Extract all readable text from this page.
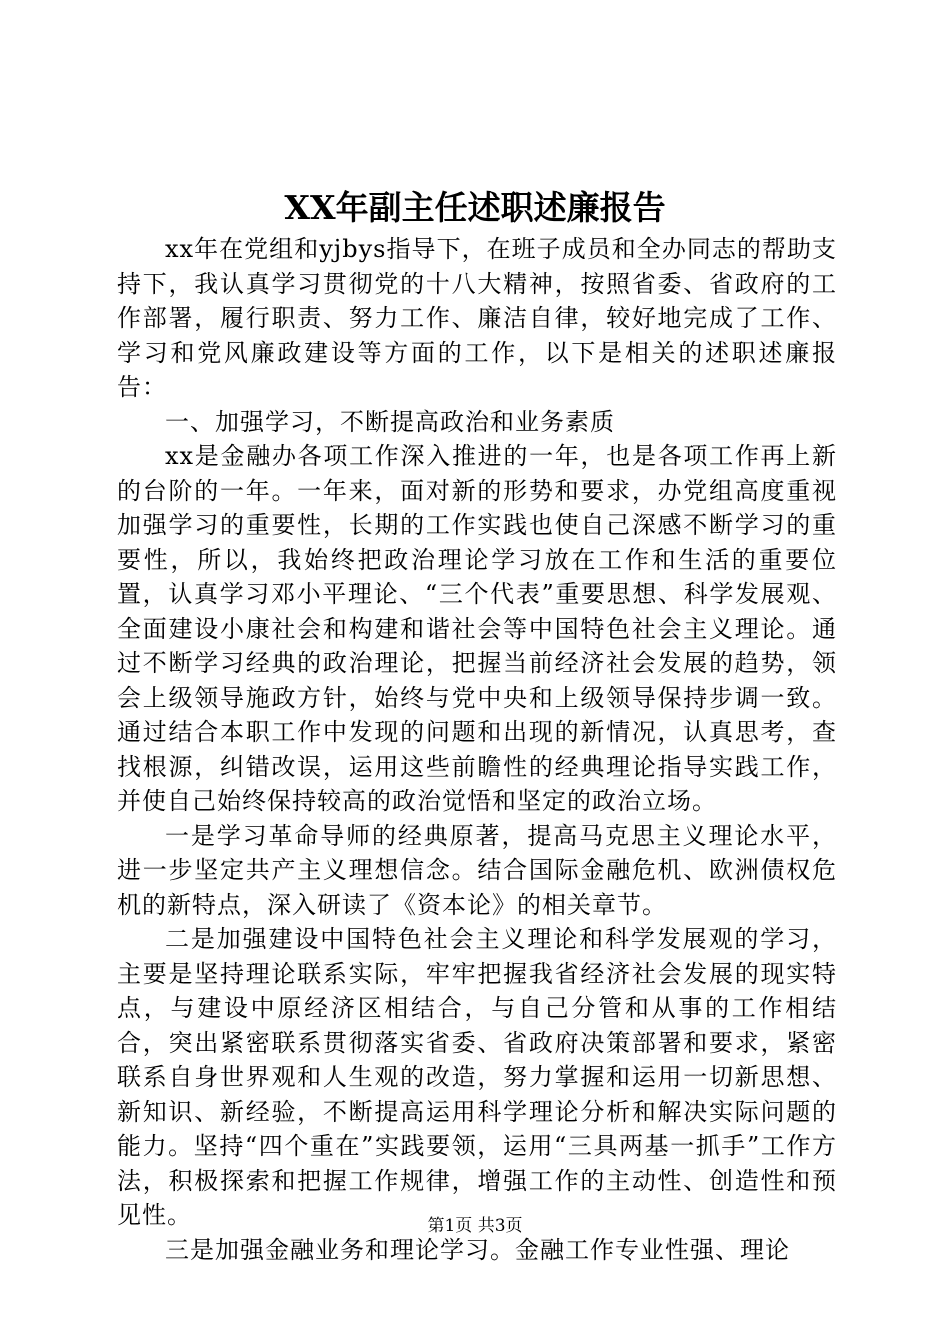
XX年副主任述职述廉报告

xx年在党组和yjbys指导下，在班子成员和全办同志的帮助支持下，我认真学习贯彻党的十八大精神，按照省委、省政府的工作部署，履行职责、努力工作、廉洁自律，较好地完成了工作、学习和党风廉政建设等方面的工作，以下是相关的述职述廉报告：

一、加强学习，不断提高政治和业务素质

xx是金融办各项工作深入推进的一年，也是各项工作再上新的台阶的一年。一年来，面对新的形势和要求，办党组高度重视加强学习的重要性，长期的工作实践也使自己深感不断学习的重要性，所以，我始终把政治理论学习放在工作和生活的重要位置，认真学习邓小平理论、“三个代表”重要思想、科学发展观、全面建设小康社会和构建和谐社会等中国特色社会主义理论。通过不断学习经典的政治理论，把握当前经济社会发展的趋势，领会上级领导施政方针，始终与党中央和上级领导保持步调一致。通过结合本职工作中发现的问题和出现的新情况，认真思考，查找根源，纠错改误，运用这些前瞻性的经典理论指导实践工作，并使自己始终保持较高的政治觉悟和坚定的政治立场。

一是学习革命导师的经典原著，提高马克思主义理论水平，进一步坚定共产主义理想信念。结合国际金融危机、欧洲债权危机的新特点，深入研读了《资本论》的相关章节。

二是加强建设中国特色社会主义理论和科学发展观的学习，主要是坚持理论联系实际，牢牢把握我省经济社会发展的现实特点，与建设中原经济区相结合，与自己分管和从事的工作相结合，突出紧密联系贯彻落实省委、省政府决策部署和要求，紧密联系自身世界观和人生观的改造，努力掌握和运用一切新思想、新知识、新经验，不断提高运用科学理论分析和解决实际问题的能力。坚持“四个重在”实践要领，运用“三具两基一抓手”工作方法，积极探索和把握工作规律，增强工作的主动性、创造性和预见性。

三是加强金融业务和理论学习。金融工作专业性强、理论

第1页 共3页
